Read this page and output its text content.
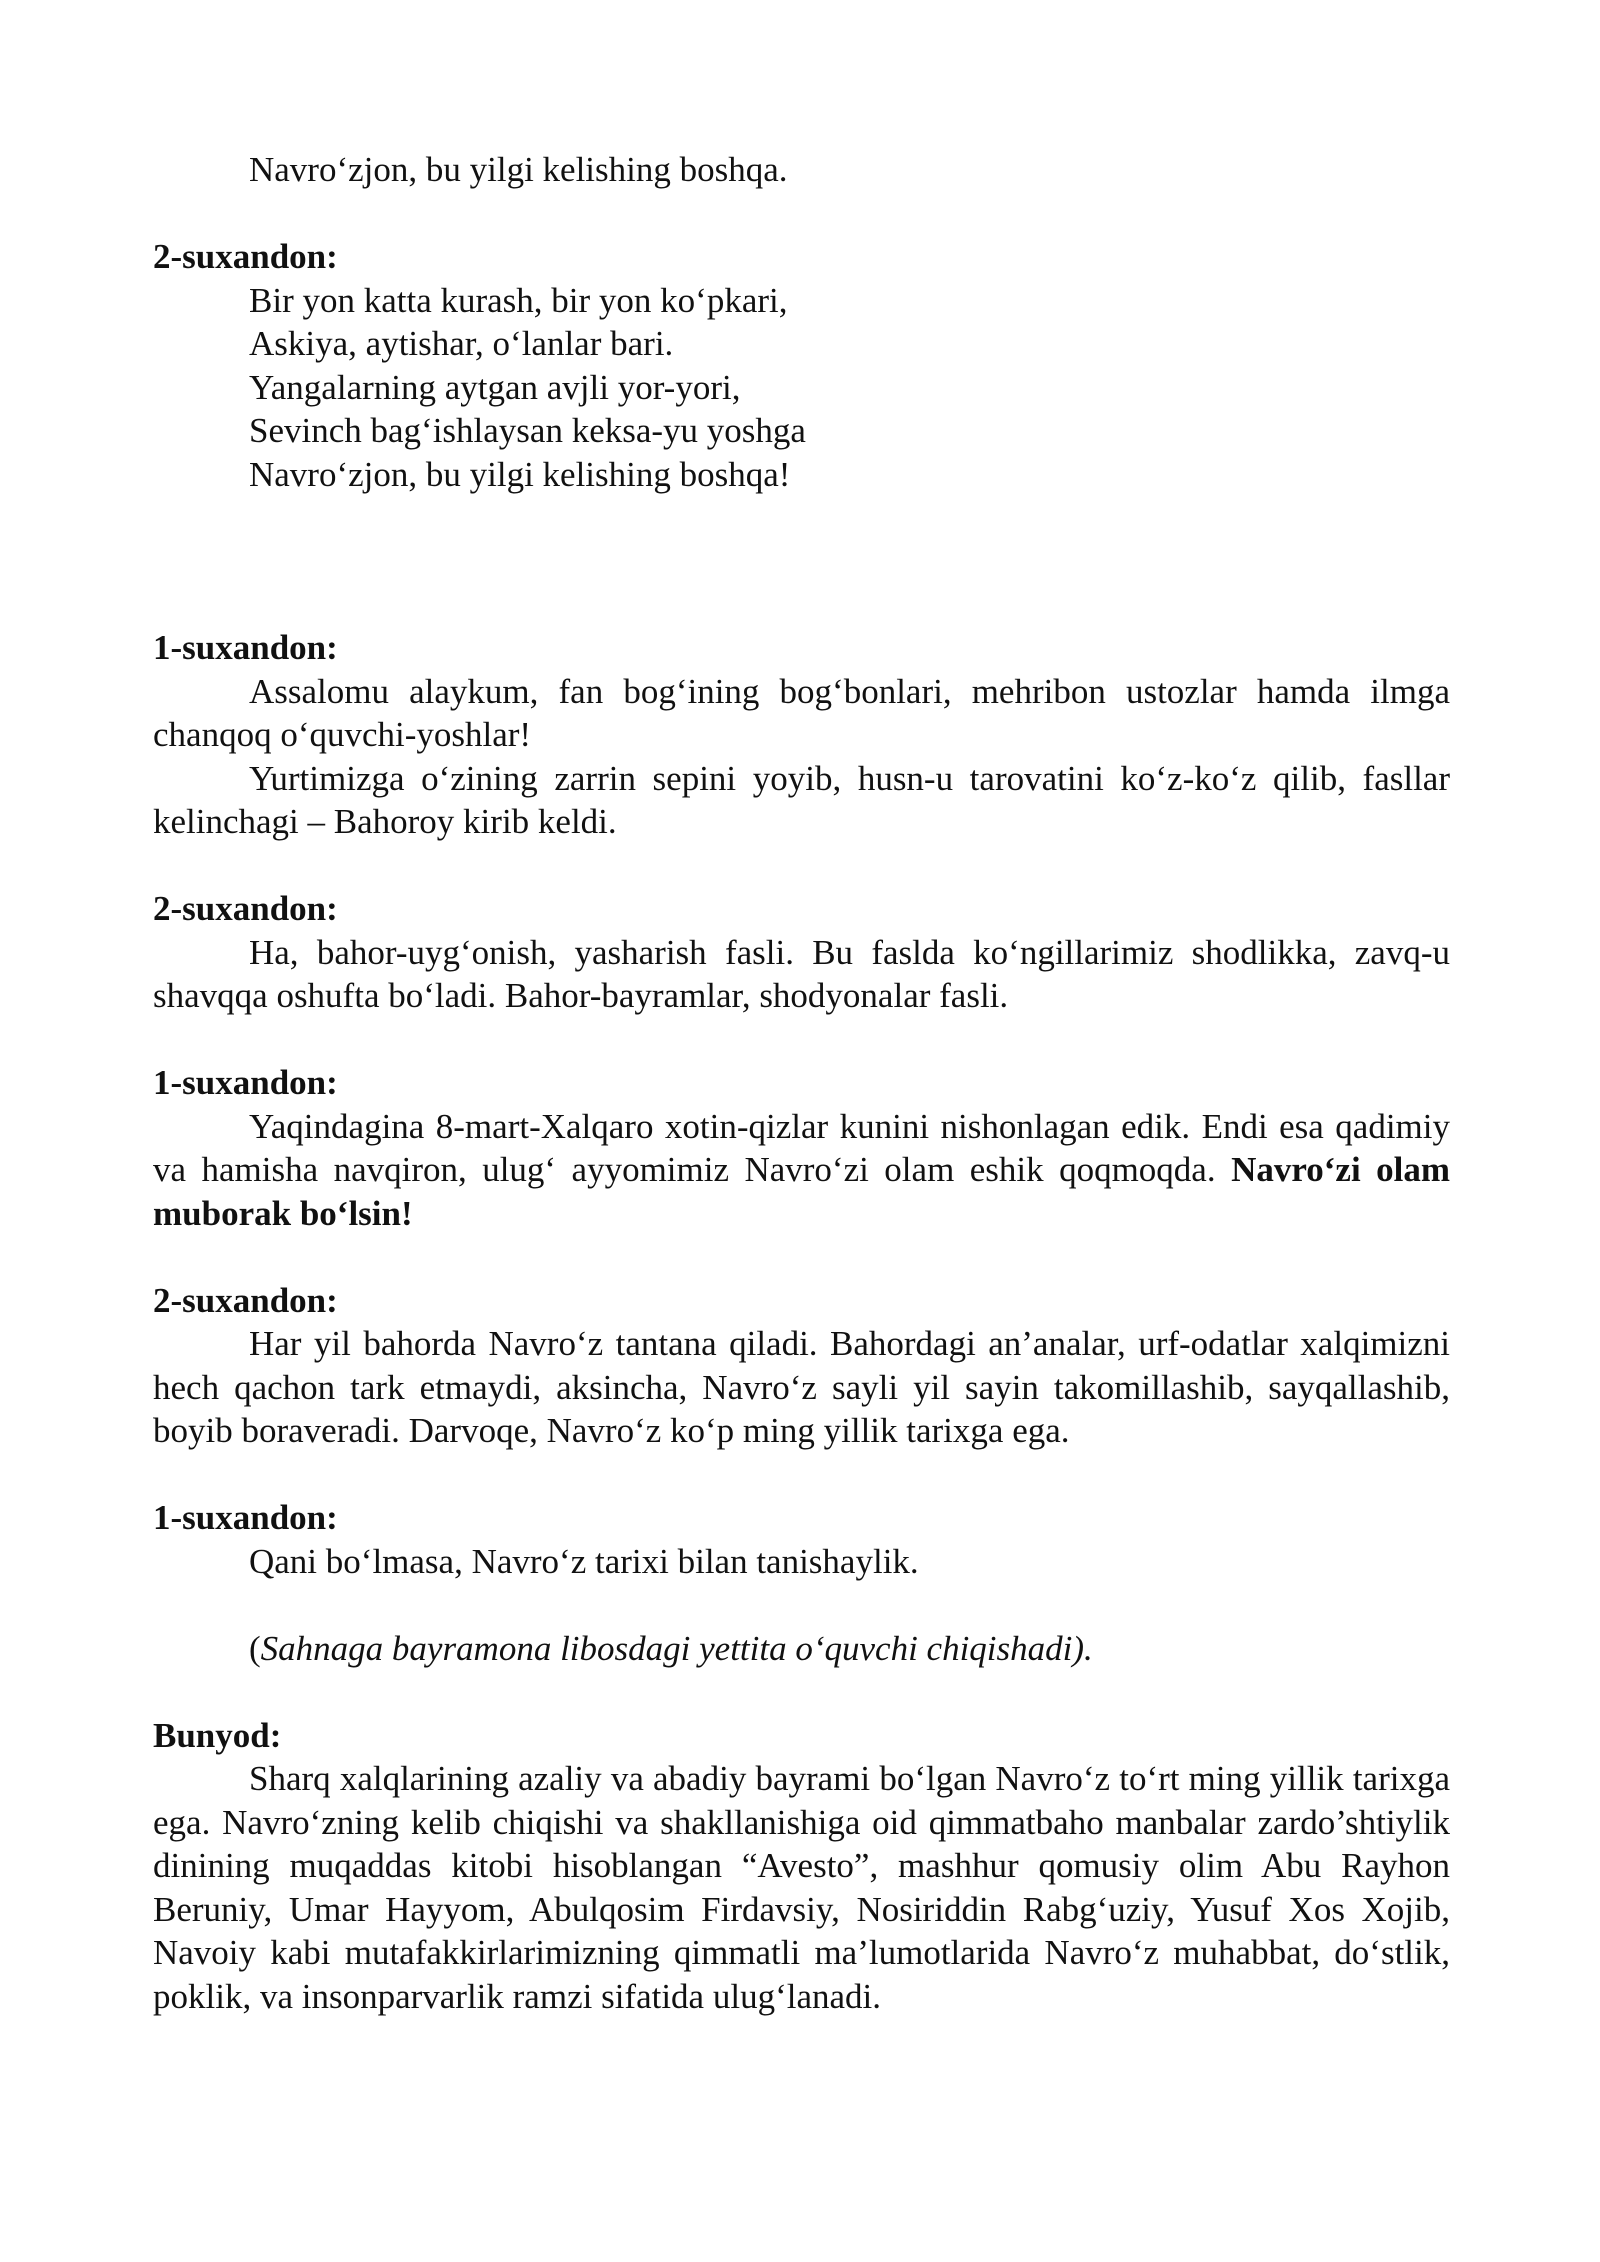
Navro‘zjon, bu yilgi kelishing boshqa.

2-suxandon:

Bir yon katta kurash, bir yon ko‘pkari,
Askiya, aytishar, o‘lanlar bari.
Yangalarning aytgan avjli yor-yori,
Sevinch bag‘ishlaysan keksa-yu yoshga
Navro‘zjon, bu yilgi kelishing boshqa!

1-suxandon:

Assalomu alaykum, fan bog‘ining bog‘bonlari, mehribon ustozlar hamda ilmga chanqoq o‘quvchi-yoshlar!

Yurtimizga o‘zining zarrin sepini yoyib, husn-u tarovatini ko‘z-ko‘z qilib, fasllar kelinchagi – Bahoroy kirib keldi.

2-suxandon:

Ha, bahor-uyg‘onish, yasharish fasli. Bu faslda ko‘ngillarimiz shodlikka, zavq-u shavqqa oshufta bo‘ladi. Bahor-bayramlar, shodyonalar fasli.

1-suxandon:

Yaqindagina 8-mart-Xalqaro xotin-qizlar kunini nishonlagan edik. Endi esa qadimiy va hamisha navqiron, ulug‘ ayyomimiz Navro‘zi olam eshik qoqmoqda. Navro‘zi olam muborak bo‘lsin!

2-suxandon:

Har yil bahorda Navro‘z tantana qiladi. Bahordagi an’analar, urf-odatlar xalqimizni hech qachon tark etmaydi, aksincha, Navro‘z sayli yil sayin takomillashib, sayqallashib, boyib boraveradi. Darvoqe, Navro‘z ko‘p ming yillik tarixga ega.

1-suxandon:

Qani bo‘lmasa, Navro‘z tarixi bilan tanishaylik.

(Sahnaga bayramona libosdagi yettita o‘quvchi chiqishadi).

Bunyod:

Sharq xalqlarining azaliy va abadiy bayrami bo‘lgan Navro‘z to‘rt ming yillik tarixga ega. Navro‘zning kelib chiqishi va shakllanishiga oid qimmatbaho manbalar zardo’shtiylik dinining muqaddas kitobi hisoblangan “Avesto”, mashhur qomusiy olim Abu Rayhon Beruniy, Umar Hayyom, Abulqosim Firdavsiy, Nosiriddin Rabg‘uziy, Yusuf Xos Xojib, Navoiy kabi mutafakkirlarimizning qimmatli ma’lumotlarida Navro‘z muhabbat, do‘stlik, poklik, va insonparvarlik ramzi sifatida ulug‘lanadi.
